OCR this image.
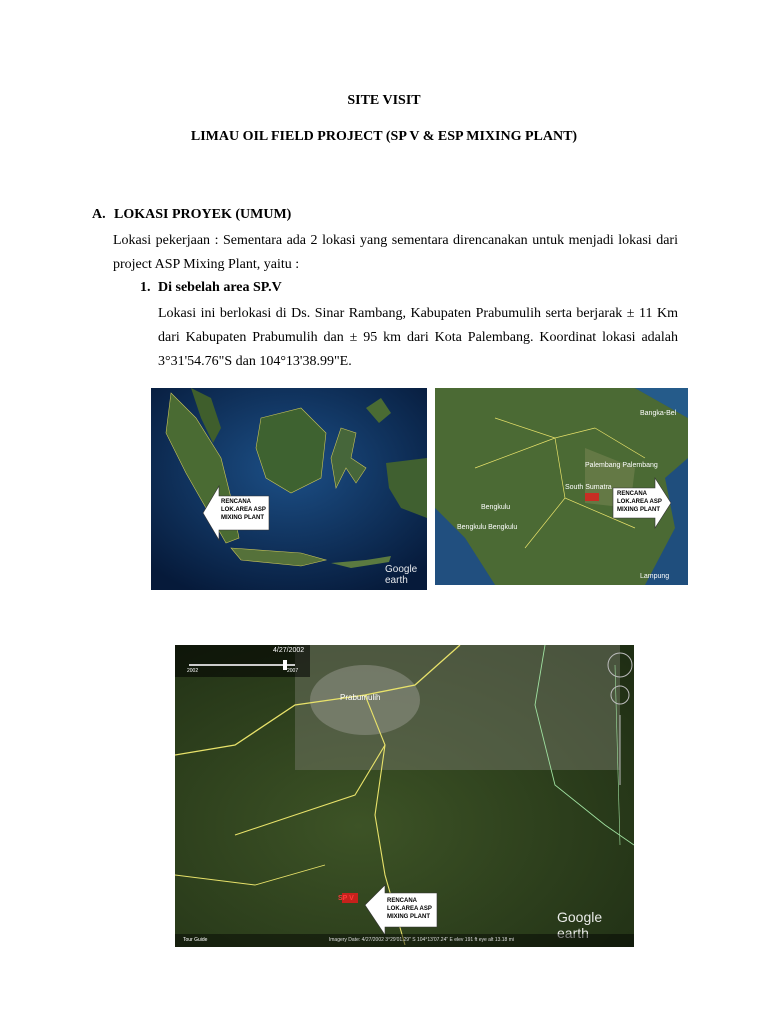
SITE VISIT
LIMAU OIL FIELD PROJECT (SP V & ESP MIXING PLANT)
A. LOKASI PROYEK (UMUM)
Lokasi pekerjaan : Sementara ada 2 lokasi yang sementara direncanakan untuk menjadi lokasi dari
project ASP Mixing Plant, yaitu :
1. Di sebelah area SP.V
Lokasi ini berlokasi di Ds. Sinar Rambang, Kabupaten Prabumulih serta berjarak ± 11 Km
dari Kabupaten Prabumulih dan ± 95 km dari Kota Palembang. Koordinat lokasi adalah
3°31'54.76"S dan 104°13'38.99"E.
RENCANA
LOK.AREA ASP
MIXING PLANT
Google earth
Bangka-Bel
Palembang Palembang
South Sumatra
Bengkulu
Bengkulu Bengkulu
Lampung
RENCANA
LOK.AREA ASP
MIXING PLANT
4/27/2002
2002	2007
Prabumulih
SP V	RENCANA
LOK.AREA ASP
MIXING PLANT	Google earth
Tour Guide	Imagery Date: 4/27/2002 3°29'01.29" S 104°13'07.24" E elev 191 ft eye alt 13.18 mi
